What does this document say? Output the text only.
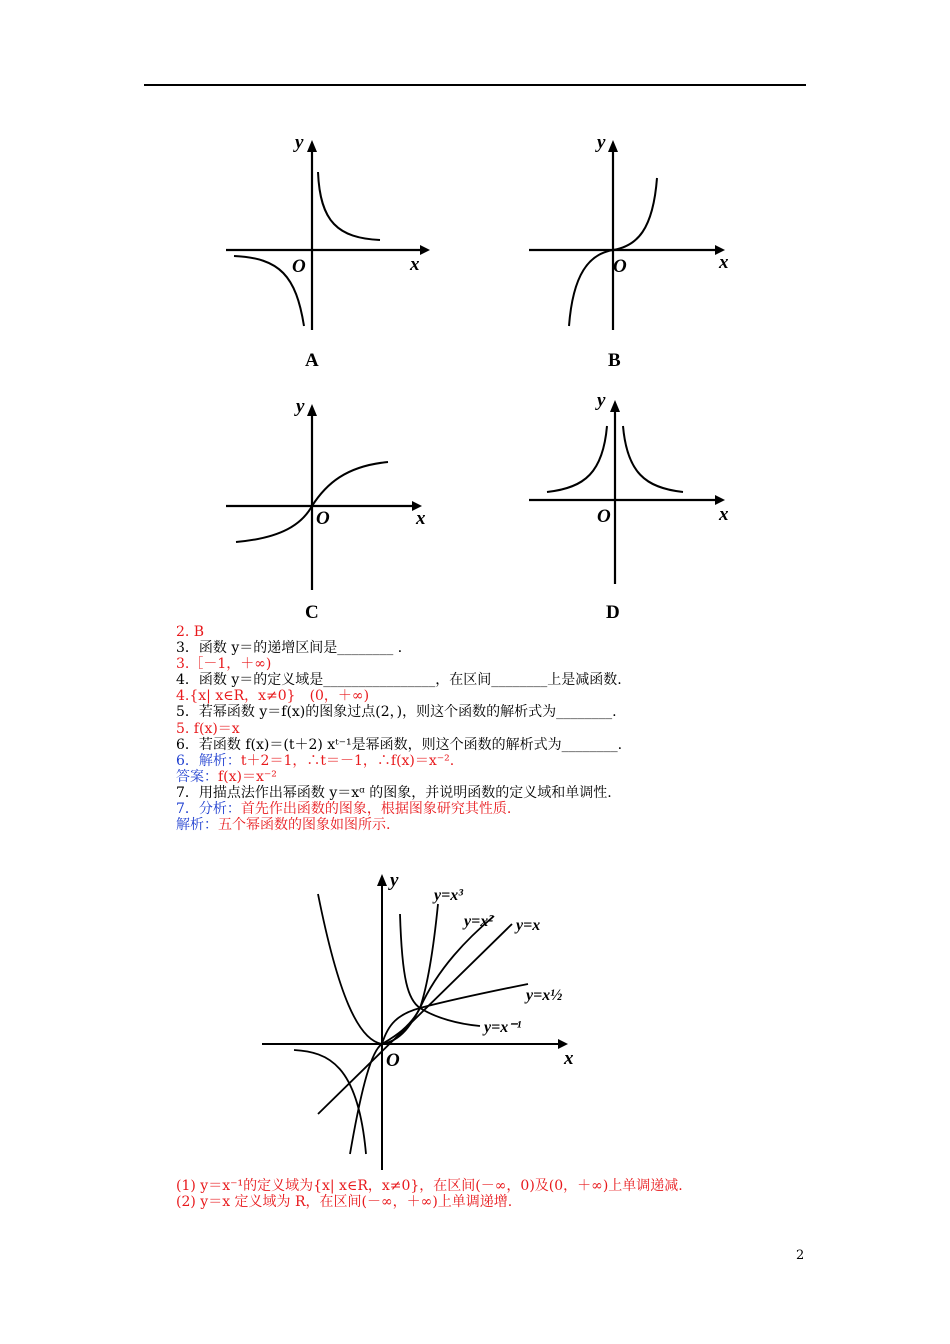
y
x
O
A
y
x
O
B
y
x
O
C
y
x
O
D
2. B
3．函数 y＝的递增区间是________ ．
3.［－1，＋∞)
4．函数 y＝的定义域是________________，在区间________上是减函数.
4.{x| x∈R，x≠0}　(0，＋∞)
5．若幂函数 y＝f(x)的图象过点(2，)，则这个函数的解析式为________.
5. f(x)＝x
6．若函数 f(x)＝(t＋2) xᵗ⁻¹是幂函数，则这个函数的解析式为________.
6．解析：t＋2＝1，∴t＝－1，∴f(x)＝x⁻².
答案：f(x)＝x⁻²
7．用描点法作出幂函数 y＝xᵅ 的图象，并说明函数的定义域和单调性.
7．分析：首先作出函数的图象，根据图象研究其性质.
解析：五个幂函数的图象如图所示.
y
x
O
y=x³
y=x² y=x
y=x½
y=x⁻¹
(1) y＝x⁻¹的定义域为{x| x∈R，x≠0}，在区间(－∞，0)及(0，＋∞)上单调递减.
(2) y＝x 定义域为 R，在区间(－∞，＋∞)上单调递增.
2
